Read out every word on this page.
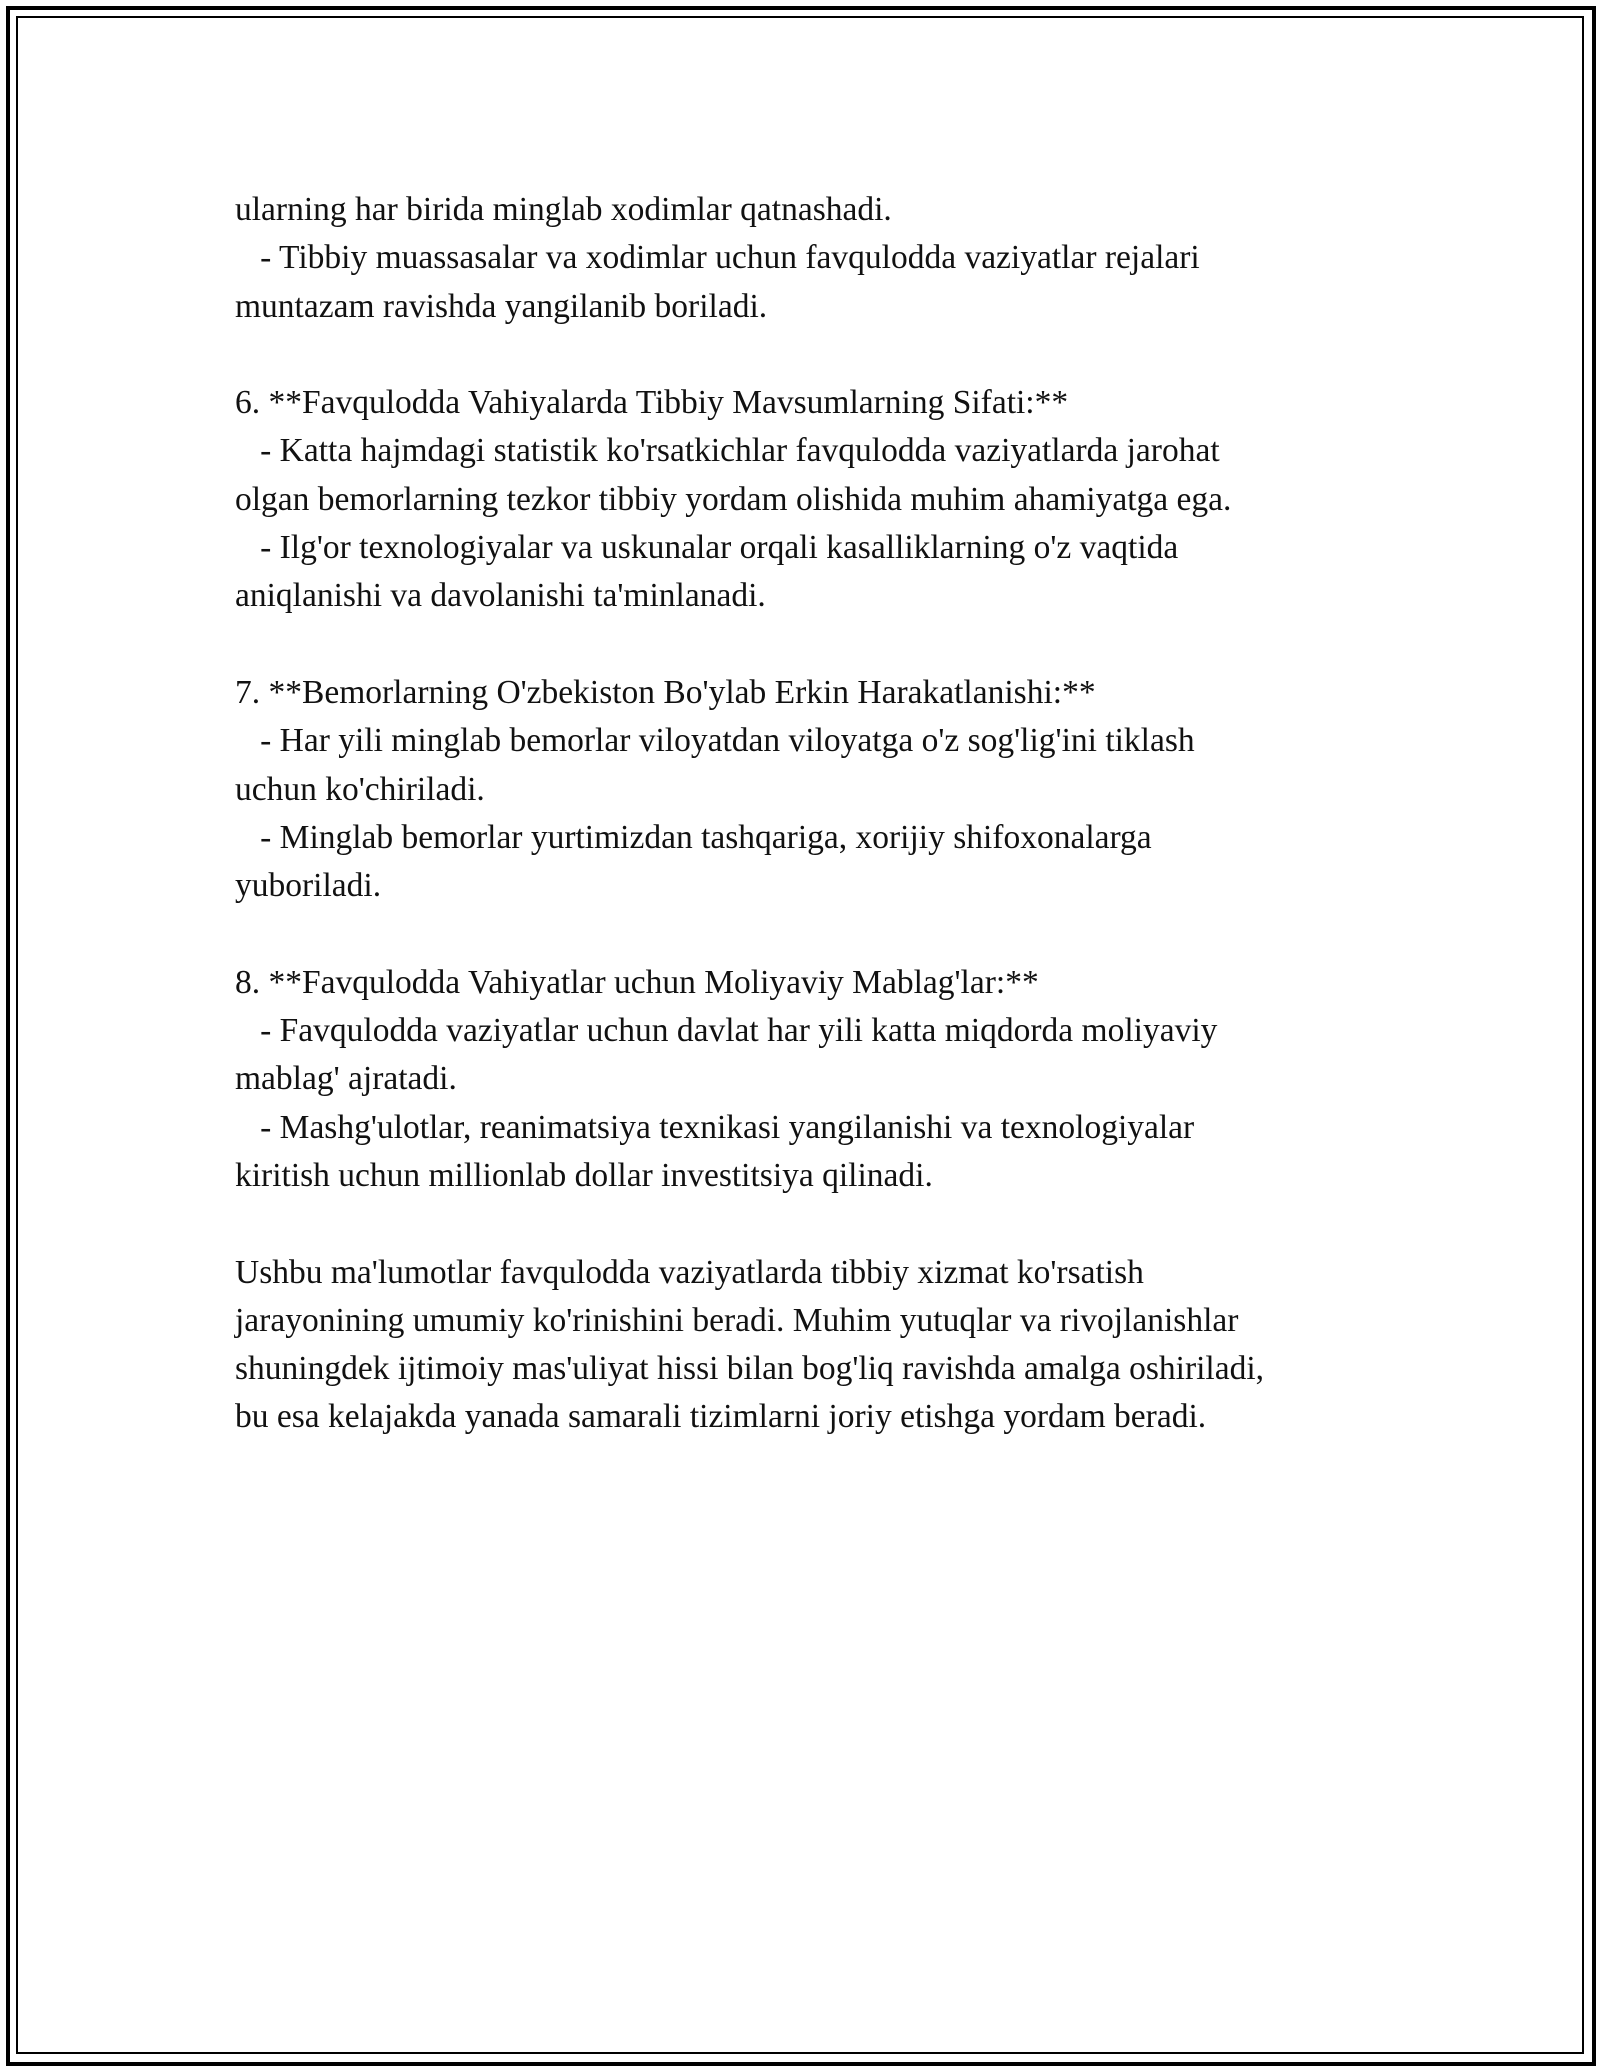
ularning har birida minglab xodimlar qatnashadi.
- Tibbiy muassasalar va xodimlar uchun favqulodda vaziyatlar rejalari
muntazam ravishda yangilanib boriladi.
6. **Favqulodda Vahiyalarda Tibbiy Mavsumlarning Sifati:**
- Katta hajmdagi statistik ko'rsatkichlar favqulodda vaziyatlarda jarohat
olgan bemorlarning tezkor tibbiy yordam olishida muhim ahamiyatga ega.
- Ilg'or texnologiyalar va uskunalar orqali kasalliklarning o'z vaqtida
aniqlanishi va davolanishi ta'minlanadi.
7. **Bemorlarning O'zbekiston Bo'ylab Erkin Harakatlanishi:**
- Har yili minglab bemorlar viloyatdan viloyatga o'z sog'lig'ini tiklash
uchun ko'chiriladi.
- Minglab bemorlar yurtimizdan tashqariga, xorijiy shifoxonalarga
yuboriladi.
8. **Favqulodda Vahiyatlar uchun Moliyaviy Mablag'lar:**
- Favqulodda vaziyatlar uchun davlat har yili katta miqdorda moliyaviy
mablag' ajratadi.
- Mashg'ulotlar, reanimatsiya texnikasi yangilanishi va texnologiyalar
kiritish uchun millionlab dollar investitsiya qilinadi.
Ushbu ma'lumotlar favqulodda vaziyatlarda tibbiy xizmat ko'rsatish
jarayonining umumiy ko'rinishini beradi. Muhim yutuqlar va rivojlanishlar
shuningdek ijtimoiy mas'uliyat hissi bilan bog'liq ravishda amalga oshiriladi,
bu esa kelajakda yanada samarali tizimlarni joriy etishga yordam beradi.
